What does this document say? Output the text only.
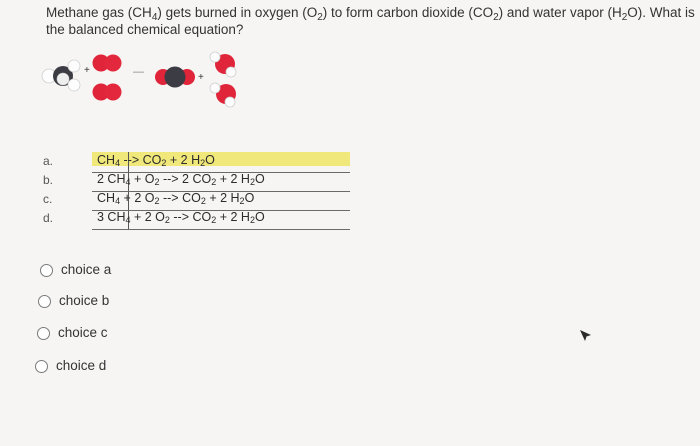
Methane gas $(CH_4)$ gets burned in oxygen $(O_2)$ to form carbon dioxide $(CO_2)$ and water vapor $(H_2O)$. What is the balanced chemical equation?
+	—	+
a.	$CH_4$ --> $CO_2 + 2$ $H_2O$
b.	2 $CH_4 + O_2$ --> 2 $CO_2 + 2$ $H_2O$
c.	$CH_4 + 2$ $O_2$ --> $CO_2 + 2$ $H_2O$
d.	3 $CH_4 + 2$ $O_2$ --> $CO_2 + 2$ $H_2O$
choice a
choice b
choice c
choice d
